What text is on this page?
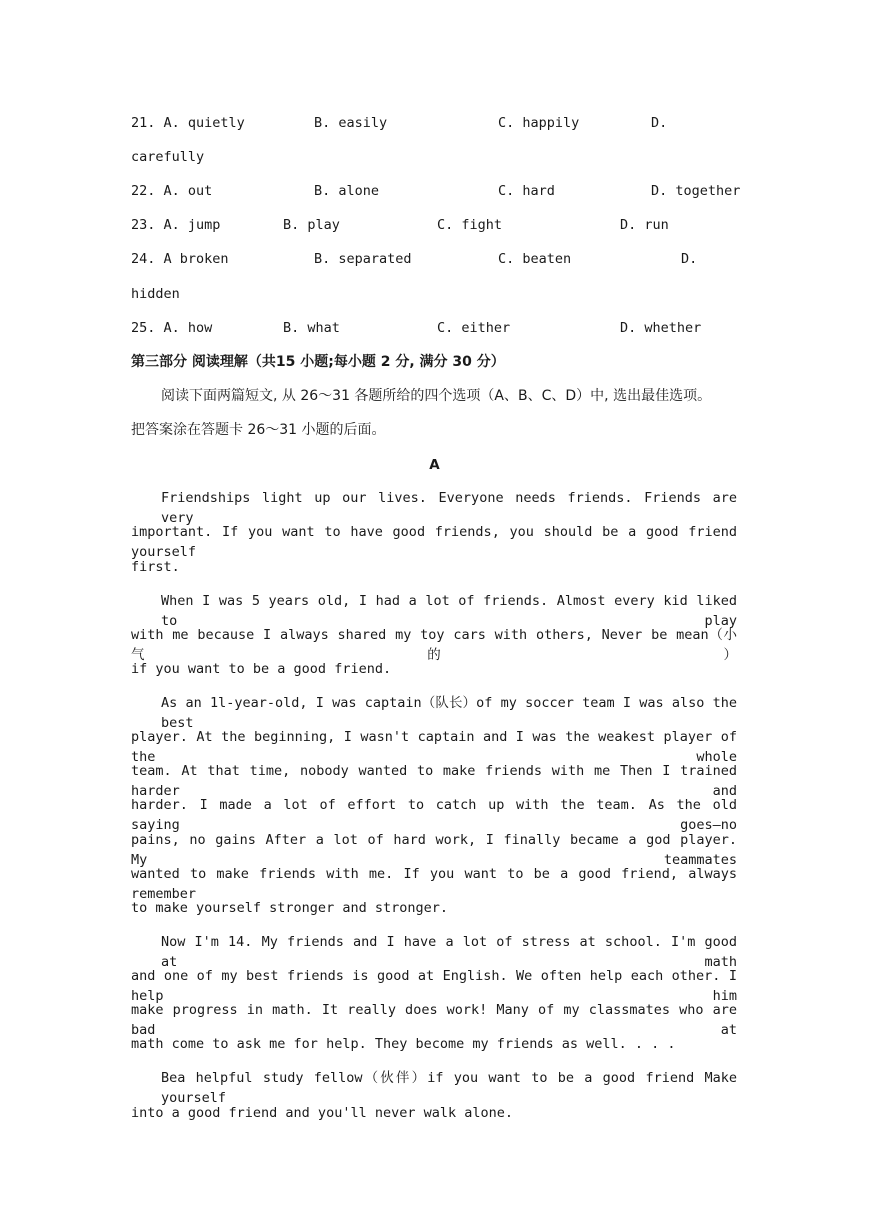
21. A. quietly	B. easily	C. happily	D.
carefully
22. A. out	B. alone	C. hard	D. together
23. A. jump	B. play	C. fight	D. run
24. A broken	B. separated	C. beaten	D.
hidden
25. A. how	B. what	C. either	D. whether
第三部分 阅读理解（共15 小题;每小题 2 分, 满分 30 分）
阅读下面两篇短文, 从 26～31 各题所给的四个选项（A、B、C、D）中, 选出最佳选项。
把答案涂在答题卡 26～31 小题的后面。
A
Friendships light up our lives. Everyone needs friends. Friends are very
important. If you want to have good friends, you should be a good friend yourself
first.
When I was 5 years old, I had a lot of friends. Almost every kid liked to play
with me because I always shared my toy cars with others, Never be mean（小气的）
if you want to be a good friend.
As an 1l-year-old, I was captain（队长）of my soccer team I was also the best
player. At the beginning, I wasn't captain and I was the weakest player of the whole
team. At that time, nobody wanted to make friends with me Then I trained harder and
harder. I made a lot of effort to catch up with the team. As the old saying goes—no
pains, no gains After a lot of hard work, I finally became a god player. My teammates
wanted to make friends with me. If you want to be a good friend, always remember
to make yourself stronger and stronger.
Now I'm 14. My friends and I have a lot of stress at school. I'm good at math
and one of my best friends is good at English. We often help each other. I help him
make progress in math. It really does work! Many of my classmates who are bad at
math come to ask me for help. They become my friends as well. . . .
Bea helpful study fellow（伙伴）if you want to be a good friend Make yourself
into a good friend and you'll never walk alone.
